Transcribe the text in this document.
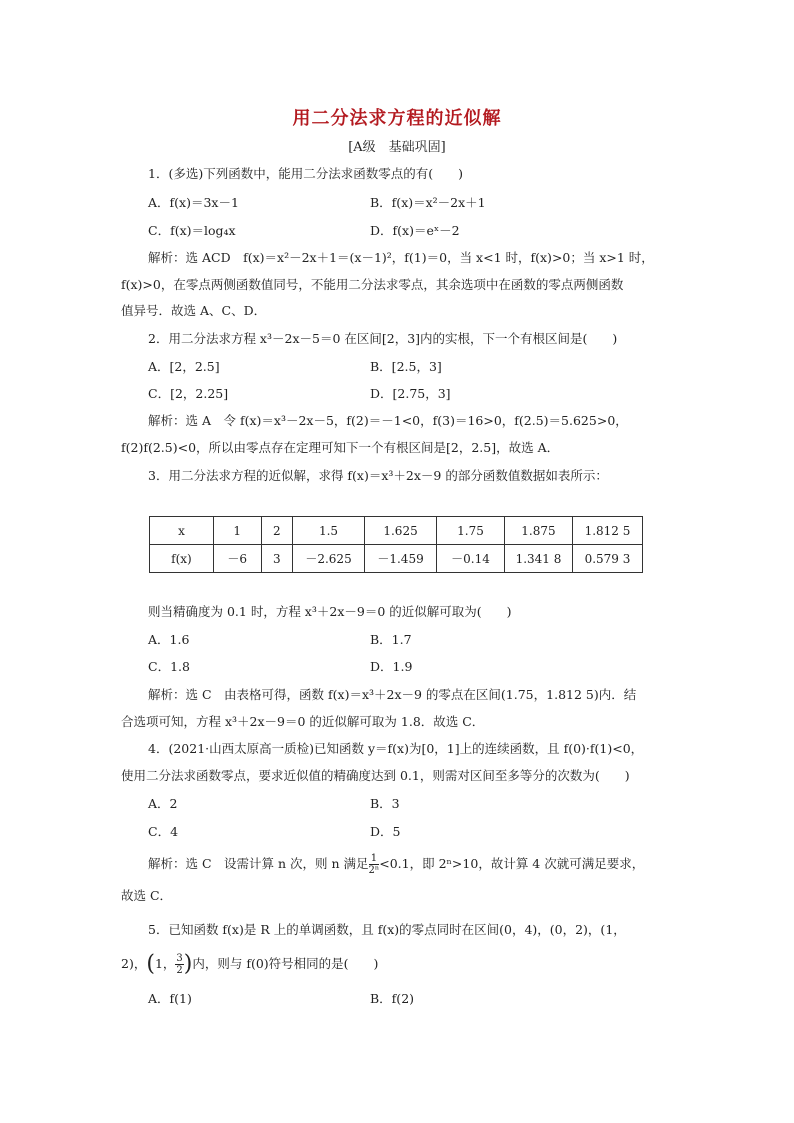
用二分法求方程的近似解
[A级　基础巩固]
1．(多选)下列函数中，能用二分法求函数零点的有(　　)
A．f(x)＝3x－1	B．f(x)＝x²－2x＋1
C．f(x)＝log₄x	D．f(x)＝eˣ－2
解析：选 ACD　f(x)＝x²－2x＋1＝(x－1)²，f(1)＝0，当 x<1 时，f(x)>0；当 x>1 时，
f(x)>0，在零点两侧函数值同号，不能用二分法求零点，其余选项中在函数的零点两侧函数
值异号．故选 A、C、D．
2．用二分法求方程 x³－2x－5＝0 在区间[2，3]内的实根，下一个有根区间是(　　)
A．[2，2.5]	B．[2.5，3]
C．[2，2.25]	D．[2.75，3]
解析：选 A　令 f(x)＝x³－2x－5，f(2)＝－1<0，f(3)＝16>0，f(2.5)＝5.625>0，
f(2)f(2.5)<0，所以由零点存在定理可知下一个有根区间是[2，2.5]，故选 A．
3．用二分法求方程的近似解，求得 f(x)＝x³＋2x－9 的部分函数值数据如表所示：
x	1	2	1.5	1.625	1.75	1.875	1.812 5
f(x)	－6	3	－2.625	－1.459	－0.14	1.341 8	0.579 3
则当精确度为 0.1 时，方程 x³＋2x－9＝0 的近似解可取为(　　)
A．1.6	B．1.7
C．1.8	D．1.9
解析：选 C　由表格可得，函数 f(x)＝x³＋2x－9 的零点在区间(1.75，1.812 5)内．结
合选项可知，方程 x³＋2x－9＝0 的近似解可取为 1.8．故选 C．
4．(2021·山西太原高一质检)已知函数 y＝f(x)为[0，1]上的连续函数，且 f(0)·f(1)<0，
使用二分法求函数零点，要求近似值的精确度达到 0.1，则需对区间至多等分的次数为(　　)
A．2	B．3
C．4	D．5
解析：选 C　设需计算 n 次，则 n 满足 $\frac{1}{\text{2ⁿ}} <0.1$，即 2ⁿ>10，故计算 4 次就可满足要求，
故选 C．
5．已知函数 f(x)是 R 上的单调函数，且 f(x)的零点同时在区间(0，4)，(0，2)，(1，
2)，(1， $\frac{3}{2}$ )内，则与 f(0)符号相同的是(　　)
A．f(1)	B．f(2)
